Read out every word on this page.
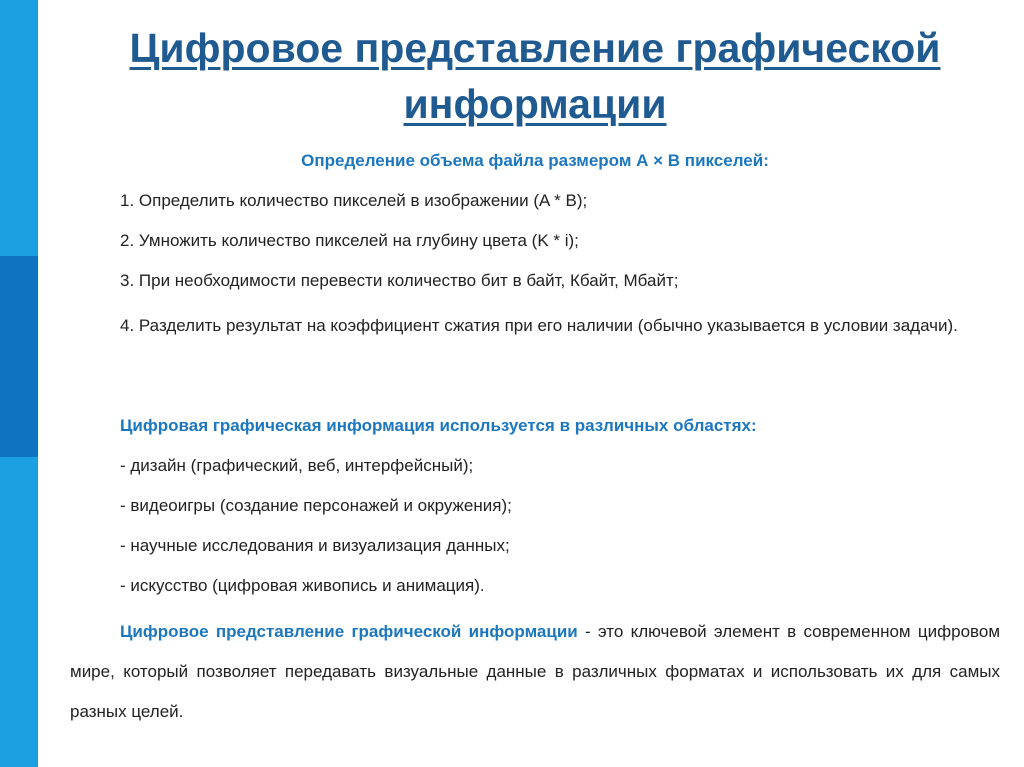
Цифровое представление графической информации
Определение объема файла размером А × В пикселей:
1. Определить количество пикселей в изображении (A * B);
2. Умножить количество пикселей на глубину цвета (K * i);
3. При необходимости перевести количество бит в байт, Кбайт, Мбайт;

4. Разделить результат на коэффициент сжатия при его наличии (обычно указывается в условии задачи).

Цифровая графическая информация используется в различных областях:
- дизайн (графический, веб, интерфейсный);
- видеоигры (создание персонажей и окружения);
- научные исследования и визуализация данных;
- искусство (цифровая живопись и анимация).

Цифровое представление графической информации - это ключевой элемент в современном цифровом мире, который позволяет передавать визуальные данные в различных форматах и использовать их для самых разных целей.
